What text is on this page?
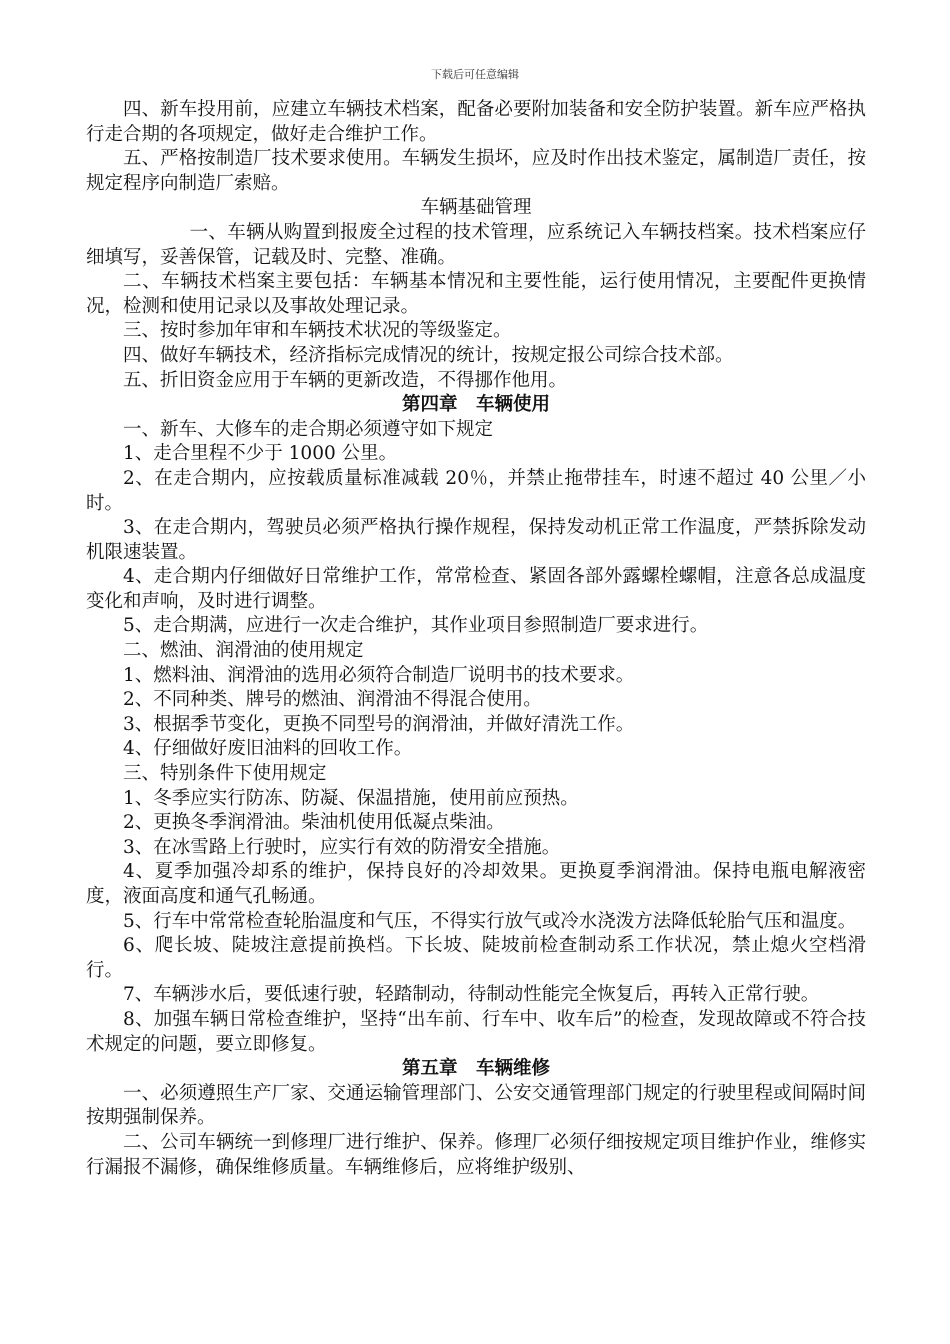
下载后可任意编辑

四、新车投用前，应建立车辆技术档案，配备必要附加装备和安全防护装置。新车应严格执行走合期的各项规定，做好走合维护工作。

五、严格按制造厂技术要求使用。车辆发生损坏，应及时作出技术鉴定，属制造厂责任，按规定程序向制造厂索赔。

车辆基础管理

一、车辆从购置到报废全过程的技术管理，应系统记入车辆技档案。技术档案应仔细填写，妥善保管，记载及时、完整、准确。

二、车辆技术档案主要包括：车辆基本情况和主要性能，运行使用情况，主要配件更换情况，检测和使用记录以及事故处理记录。

三、按时参加年审和车辆技术状况的等级鉴定。

四、做好车辆技术，经济指标完成情况的统计，按规定报公司综合技术部。

五、折旧资金应用于车辆的更新改造，不得挪作他用。

第四章　车辆使用

一、新车、大修车的走合期必须遵守如下规定

1、走合里程不少于 1000 公里。

2、在走合期内，应按载质量标准减载 20％，并禁止拖带挂车，时速不超过 40 公里／小时。

3、在走合期内，驾驶员必须严格执行操作规程，保持发动机正常工作温度，严禁拆除发动机限速装置。

4、走合期内仔细做好日常维护工作，常常检查、紧固各部外露螺栓螺帽，注意各总成温度变化和声响，及时进行调整。

5、走合期满，应进行一次走合维护，其作业项目参照制造厂要求进行。

二、燃油、润滑油的使用规定

1、燃料油、润滑油的选用必须符合制造厂说明书的技术要求。

2、不同种类、牌号的燃油、润滑油不得混合使用。

3、根据季节变化，更换不同型号的润滑油，并做好清洗工作。

4、仔细做好废旧油料的回收工作。

三、特别条件下使用规定

1、冬季应实行防冻、防凝、保温措施，使用前应预热。

2、更换冬季润滑油。柴油机使用低凝点柴油。

3、在冰雪路上行驶时，应实行有效的防滑安全措施。

4、夏季加强冷却系的维护，保持良好的冷却效果。更换夏季润滑油。保持电瓶电解液密度，液面高度和通气孔畅通。

5、行车中常常检查轮胎温度和气压，不得实行放气或冷水浇泼方法降低轮胎气压和温度。

6、爬长坡、陡坡注意提前换档。下长坡、陡坡前检查制动系工作状况，禁止熄火空档滑行。

7、车辆涉水后，要低速行驶，轻踏制动，待制动性能完全恢复后，再转入正常行驶。

8、加强车辆日常检查维护，坚持“出车前、行车中、收车后”的检查，发现故障或不符合技术规定的问题，要立即修复。

第五章　车辆维修

一、必须遵照生产厂家、交通运输管理部门、公安交通管理部门规定的行驶里程或间隔时间按期强制保养。

二、公司车辆统一到修理厂进行维护、保养。修理厂必须仔细按规定项目维护作业，维修实行漏报不漏修，确保维修质量。车辆维修后，应将维护级别、
